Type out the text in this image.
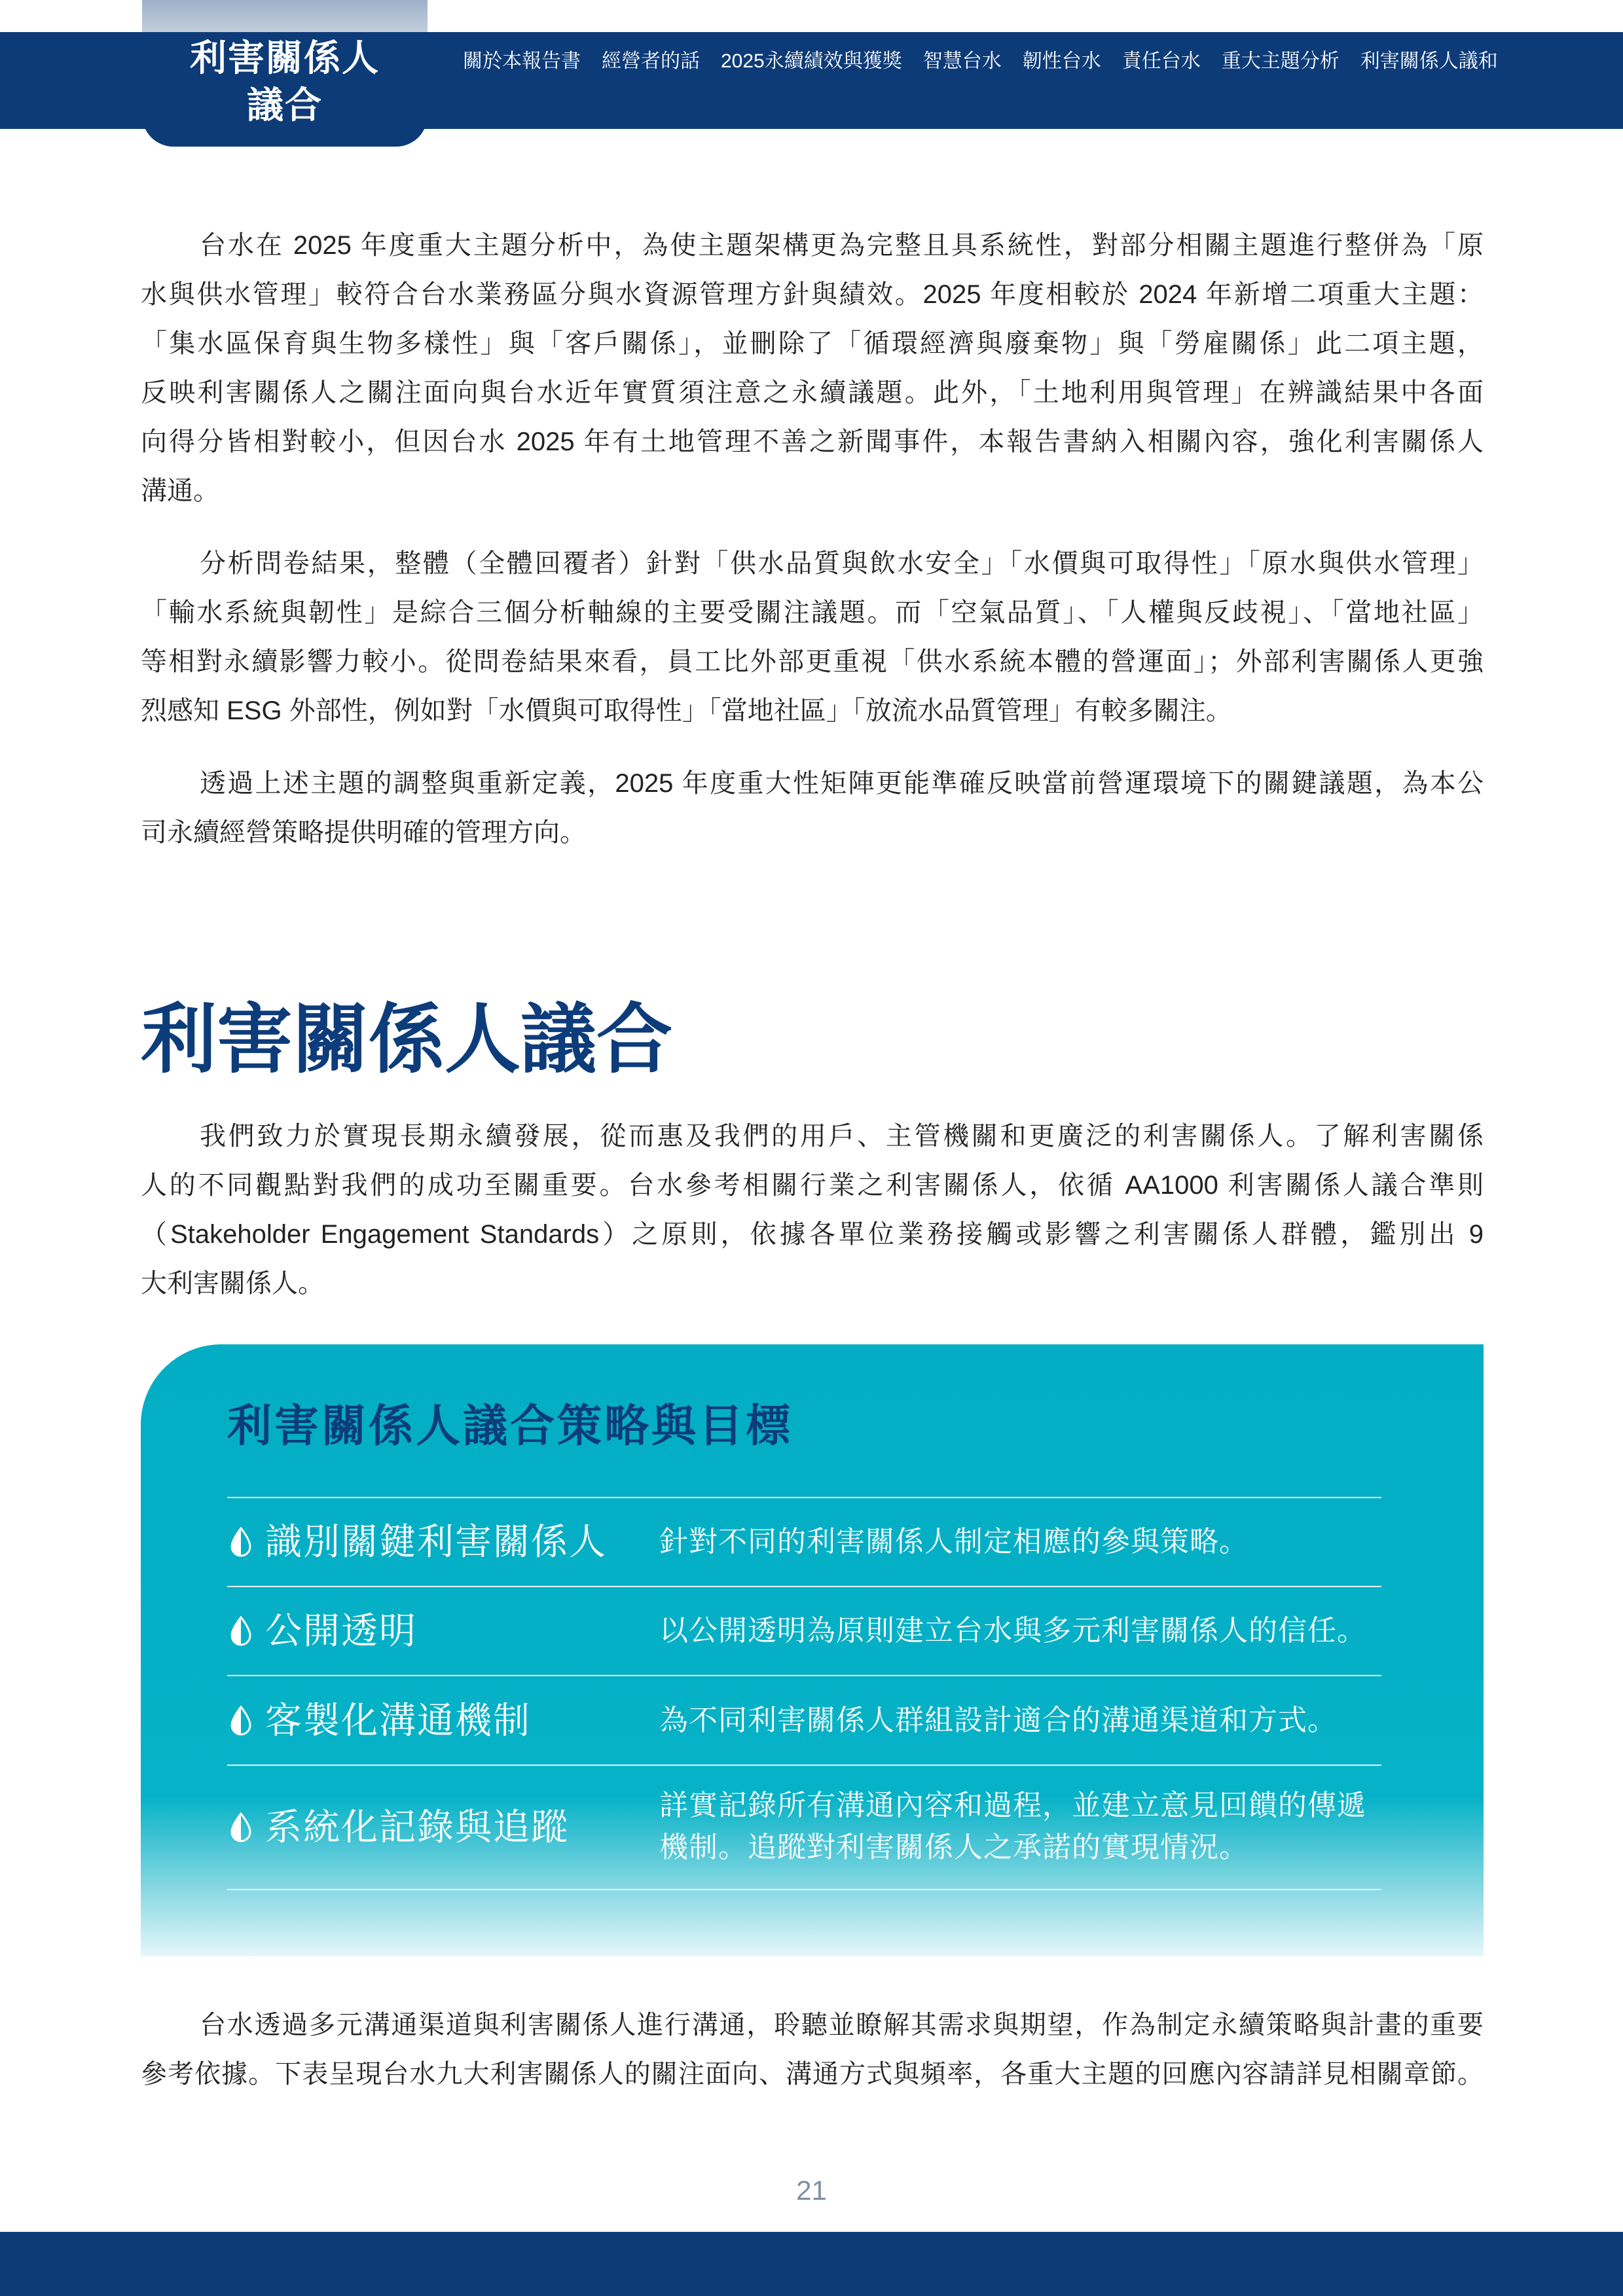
利害關係人
議合
關於本報告書 經營者的話 2025永續績效與獲獎 智慧台水 韌性台水 責任台水 重大主題分析 利害關係人議和
台水在 2025 年度重大主題分析中，為使主題架構更為完整且具系統性，對部分相關主題進行整併為「原
水與供水管理」較符合台水業務區分與水資源管理方針與績效。2025 年度相較於 2024 年新增二項重大主題：
「集水區保育與生物多樣性」與「客戶關係」，並刪除了「循環經濟與廢棄物」與「勞雇關係」此二項主題，
反映利害關係人之關注面向與台水近年實質須注意之永續議題。此外，「土地利用與管理」在辨識結果中各面
向得分皆相對較小，但因台水 2025 年有土地管理不善之新聞事件，本報告書納入相關內容，強化利害關係人
溝通。
分析問卷結果，整體（全體回覆者）針對「供水品質與飲水安全」「水價與可取得性」「原水與供水管理」
「輸水系統與韌性」是綜合三個分析軸線的主要受關注議題。而「空氣品質」、「人權與反歧視」、「當地社區」
等相對永續影響力較小。從問卷結果來看，員工比外部更重視「供水系統本體的營運面」；外部利害關係人更強
烈感知 ESG 外部性，例如對「水價與可取得性」「當地社區」「放流水品質管理」有較多關注。
透過上述主題的調整與重新定義，2025 年度重大性矩陣更能準確反映當前營運環境下的關鍵議題，為本公
司永續經營策略提供明確的管理方向。
利害關係人議合
我們致力於實現長期永續發展，從而惠及我們的用戶、主管機關和更廣泛的利害關係人。了解利害關係
人的不同觀點對我們的成功至關重要。台水參考相關行業之利害關係人，依循 AA1000 利害關係人議合準則
（Stakeholder Engagement Standards）之原則，依據各單位業務接觸或影響之利害關係人群體，鑑別出 9
大利害關係人。
利害關係人議合策略與目標
識別關鍵利害關係人 針對不同的利害關係人制定相應的參與策略。
公開透明	以公開透明為原則建立台水與多元利害關係人的信任。
客製化溝通機制	為不同利害關係人群組設計適合的溝通渠道和方式。
系統化記錄與追蹤
詳實記錄所有溝通內容和過程，並建立意見回饋的傳遞
機制。追蹤對利害關係人之承諾的實現情況。
台水透過多元溝通渠道與利害關係人進行溝通，聆聽並瞭解其需求與期望，作為制定永續策略與計畫的重要
參考依據。下表呈現台水九大利害關係人的關注面向、溝通方式與頻率，各重大主題的回應內容請詳見相關章節。
21
